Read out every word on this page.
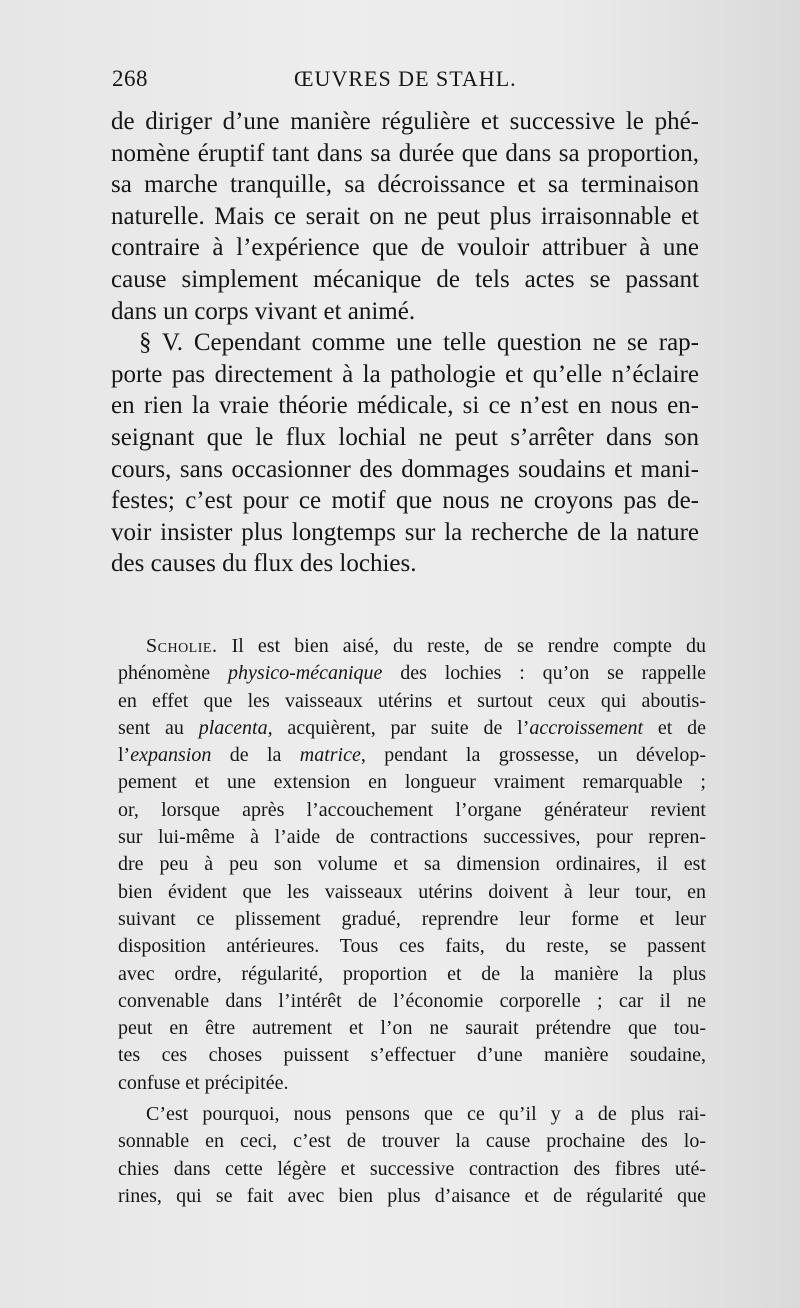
268	ŒUVRES DE STAHL.
de diriger d’une manière régulière et successive le phé-
nomène éruptif tant dans sa durée que dans sa proportion,
sa marche tranquille, sa décroissance et sa terminaison
naturelle. Mais ce serait on ne peut plus irraisonnable et
contraire à l’expérience que de vouloir attribuer à une
cause simplement mécanique de tels actes se passant
dans un corps vivant et animé.
§ V. Cependant comme une telle question ne se rap-
porte pas directement à la pathologie et qu’elle n’éclaire
en rien la vraie théorie médicale, si ce n’est en nous en-
seignant que le flux lochial ne peut s’arrêter dans son
cours, sans occasionner des dommages soudains et mani-
festes; c’est pour ce motif que nous ne croyons pas de-
voir insister plus longtemps sur la recherche de la nature
des causes du flux des lochies.
Scholie. Il est bien aisé, du reste, de se rendre compte du
phénomène physico-mécanique des lochies : qu’on se rappelle
en effet que les vaisseaux utérins et surtout ceux qui aboutis-
sent au placenta, acquièrent, par suite de l’accroissement et de
l’expansion de la matrice, pendant la grossesse, un dévelop-
pement et une extension en longueur vraiment remarquable ;
or, lorsque après l’accouchement l’organe générateur revient
sur lui-même à l’aide de contractions successives, pour repren-
dre peu à peu son volume et sa dimension ordinaires, il est
bien évident que les vaisseaux utérins doivent à leur tour, en
suivant ce plissement gradué, reprendre leur forme et leur
disposition antérieures. Tous ces faits, du reste, se passent
avec ordre, régularité, proportion et de la manière la plus
convenable dans l’intérêt de l’économie corporelle ; car il ne
peut en être autrement et l’on ne saurait prétendre que tou-
tes ces choses puissent s’effectuer d’une manière soudaine,
confuse et précipitée.
C’est pourquoi, nous pensons que ce qu’il y a de plus rai-
sonnable en ceci, c’est de trouver la cause prochaine des lo-
chies dans cette légère et successive contraction des fibres uté-
rines, qui se fait avec bien plus d’aisance et de régularité que
